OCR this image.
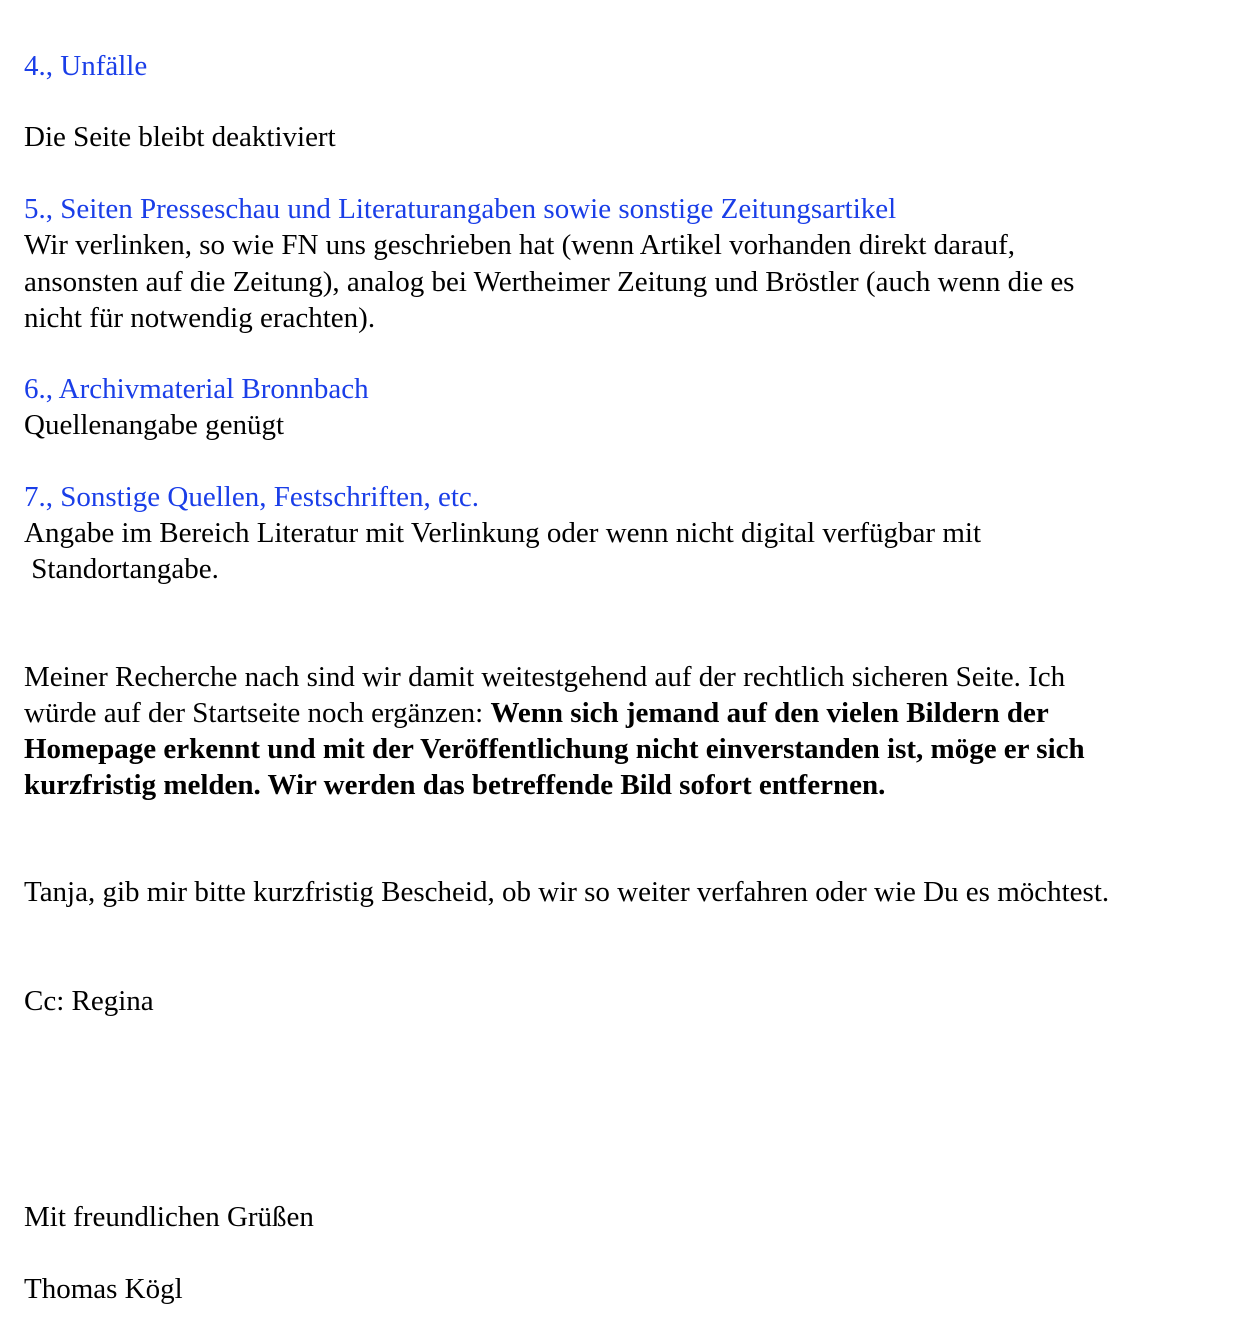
4., Unfälle
Die Seite bleibt deaktiviert
5., Seiten Presseschau und Literaturangaben sowie sonstige Zeitungsartikel
Wir verlinken, so wie FN uns geschrieben hat (wenn Artikel vorhanden direkt darauf,
ansonsten auf die Zeitung), analog bei Wertheimer Zeitung und Bröstler (auch wenn die es
nicht für notwendig erachten).
6., Archivmaterial Bronnbach
Quellenangabe genügt
7., Sonstige Quellen, Festschriften, etc.
Angabe im Bereich Literatur mit Verlinkung oder wenn nicht digital verfügbar mit
Standortangabe.
Meiner Recherche nach sind wir damit weitestgehend auf der rechtlich sicheren Seite. Ich
würde auf der Startseite noch ergänzen: Wenn sich jemand auf den vielen Bildern der
Homepage erkennt und mit der Veröffentlichung nicht einverstanden ist, möge er sich
kurzfristig melden. Wir werden das betreffende Bild sofort entfernen.
Tanja, gib mir bitte kurzfristig Bescheid, ob wir so weiter verfahren oder wie Du es möchtest.
Cc: Regina
Mit freundlichen Grüßen
Thomas Kögl
